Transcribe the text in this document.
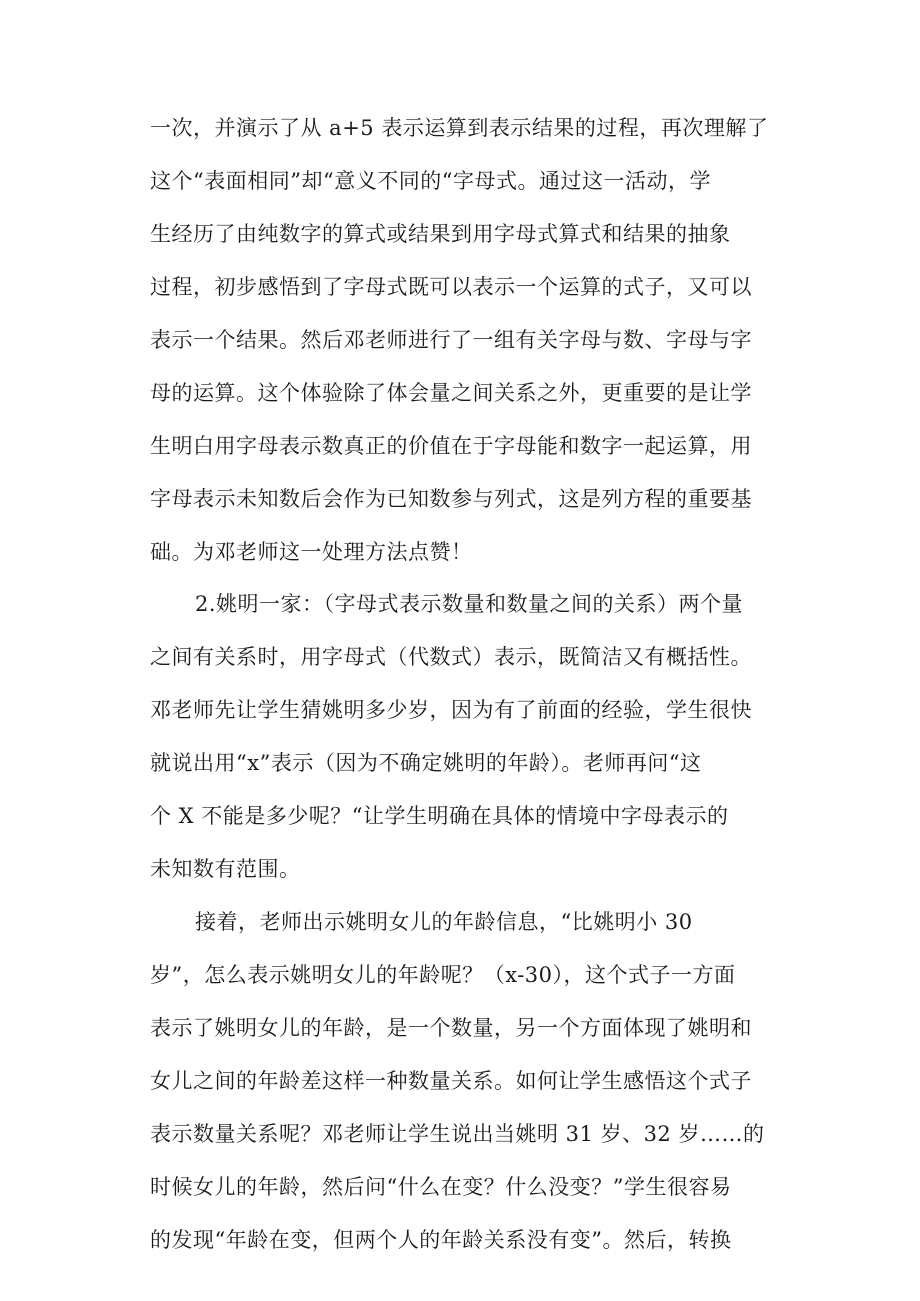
一次，并演示了从 a+5 表示运算到表示结果的过程，再次理解了
这个“表面相同”却“意义不同的“字母式。通过这一活动，学
生经历了由纯数字的算式或结果到用字母式算式和结果的抽象
过程，初步感悟到了字母式既可以表示一个运算的式子，又可以
表示一个结果。然后邓老师进行了一组有关字母与数、字母与字
母的运算。这个体验除了体会量之间关系之外，更重要的是让学
生明白用字母表示数真正的价值在于字母能和数字一起运算，用
字母表示未知数后会作为已知数参与列式，这是列方程的重要基
础。为邓老师这一处理方法点赞！
2.姚明一家：（字母式表示数量和数量之间的关系）两个量
之间有关系时，用字母式（代数式）表示，既简洁又有概括性。
邓老师先让学生猜姚明多少岁，因为有了前面的经验，学生很快
就说出用“x”表示（因为不确定姚明的年龄）。老师再问“这
个 X 不能是多少呢？“让学生明确在具体的情境中字母表示的
未知数有范围。
接着，老师出示姚明女儿的年龄信息，“比姚明小 30
岁”，怎么表示姚明女儿的年龄呢？（x-30），这个式子一方面
表示了姚明女儿的年龄，是一个数量，另一个方面体现了姚明和
女儿之间的年龄差这样一种数量关系。如何让学生感悟这个式子
表示数量关系呢？邓老师让学生说出当姚明 31 岁、32 岁……的
时候女儿的年龄，然后问“什么在变？什么没变？”学生很容易
的发现“年龄在变，但两个人的年龄关系没有变”。然后，转换
